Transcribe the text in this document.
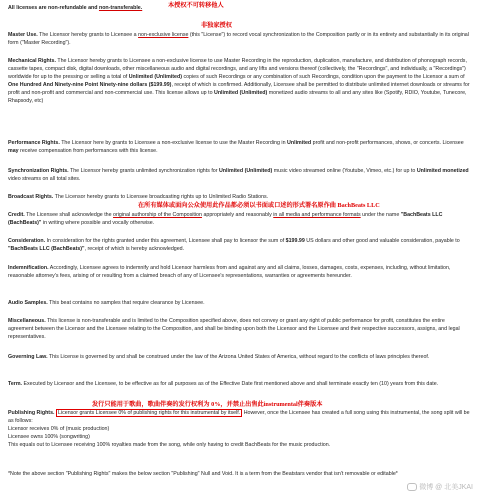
All licenses are non-refundable and non-transferable.	本授权不可转移他人
非独家授权

Master Use. The Licensor hereby grants to Licensee a non-exclusive license (this "License") to record vocal synchronization to the Composition partly or in its entirety and substantially in its original form ("Master Recording").

Mechanical Rights. The Licensor hereby grants to Licensee a non-exclusive license to use Master Recording in the reproduction, duplication, manufacture, and distribution of phonograph records, cassette tapes, compact disk, digital downloads, other miscellaneous audio and digital recordings, and any lifts and versions thereof (collectively, the "Recordings", and individually, a "Recordings") worldwide for up to the pressing or selling a total of Unlimited (Unlimited) copies of such Recordings or any combination of such Recordings, condition upon the payment to the Licensor a sum of One Hundred And Ninety-nine Point Ninety-nine dollars ($199.99), receipt of which is confirmed. Additionally, Licensee shall be permitted to distribute unlimited internet downloads or streams for profit and non-profit and commercial and non-commercial use. This license allows up to Unlimited (Unlimited) monetized audio streams to all and any sites like (Spotify, RDIO, Youtube, Tunecore, Rhapsody, etc)

Performance Rights. The Licensor here by grants to Licensee a non-exclusive license to use the Master Recording in Unlimited profit and non-profit performances, shows, or concerts. Licensee may receive compensation from performances with this license.

Synchronization Rights. The Licensor hereby grants unlimited synchronization rights for Unlimited (Unlimited) music video streamed online (Youtube, Vimeo, etc.) for up to Unlimited monetized video streams on all total sites.

Broadcast Rights. The Licensor hereby grants to Licensee broadcasting rights up to Unlimited Radio Stations.

在所有媒体或面向公众使用此作品都必须以书面或口述的形式署名原作曲 BachBeats LLC

Credit. The Licensee shall acknowledge the original authorship of the Composition appropriately and reasonably in all media and performance formats under the name "BachBeats LLC (BachBeats)" in writing where possible and vocally otherwise.

Consideration. In consideration for the rights granted under this agreement, Licensee shall pay to licensor the sum of $199.99 US dollars and other good and valuable consideration, payable to "BachBeats LLC (BachBeats)", receipt of which is hereby acknowledged.

Indemnification. Accordingly, Licensee agrees to indemnify and hold Licensor harmless from and against any and all claims, losses, damages, costs, expenses, including, without limitation, reasonable attorney's fees, arising of or resulting from a claimed breach of any of Licensee's representations, warranties or agreements hereunder.

Audio Samples. This beat contains no samples that require clearance by Licensee.

Miscellaneous. This license is non-transferable and is limited to the Composition specified above, does not convey or grant any right of public performance for profit, constitutes the entire agreement between the Licensor and the Licensee relating to the Composition, and shall be binding upon both the Licensor and the Licensee and their respective successors, assigns, and legal representatives.

Governing Law. This License is governed by and shall be construed under the law of the Arizona United States of America, without regard to the conflicts of laws principles thereof.

Term. Executed by Licensor and the Licensee, to be effective as for all purposes as of the Effective Date first mentioned above and shall terminate exactly ten (10) years from this date.

发行只能用于歌曲，歌曲伴奏的发行权利为 0%，并禁止出售此instrumental伴奏版本

Publishing Rights. Licensor grants Licensee 0% of publishing rights for this instrumental by itself. However, once the Licensee has created a full song using this instrumental, the song split will be as follows:
Licensor receives 0% of (music production)
Licensee owns 100% (songwriting)
This equals out to Licensee receiving 100% royalties made from the song, while only having to credit BachBeats for the music production.

*Note the above section "Publishing Rights" makes the below section "Publishing" Null and Void. It is a term from the Beatstars vendor that isn't removable or editable*

微博 @ 北美JKAI
